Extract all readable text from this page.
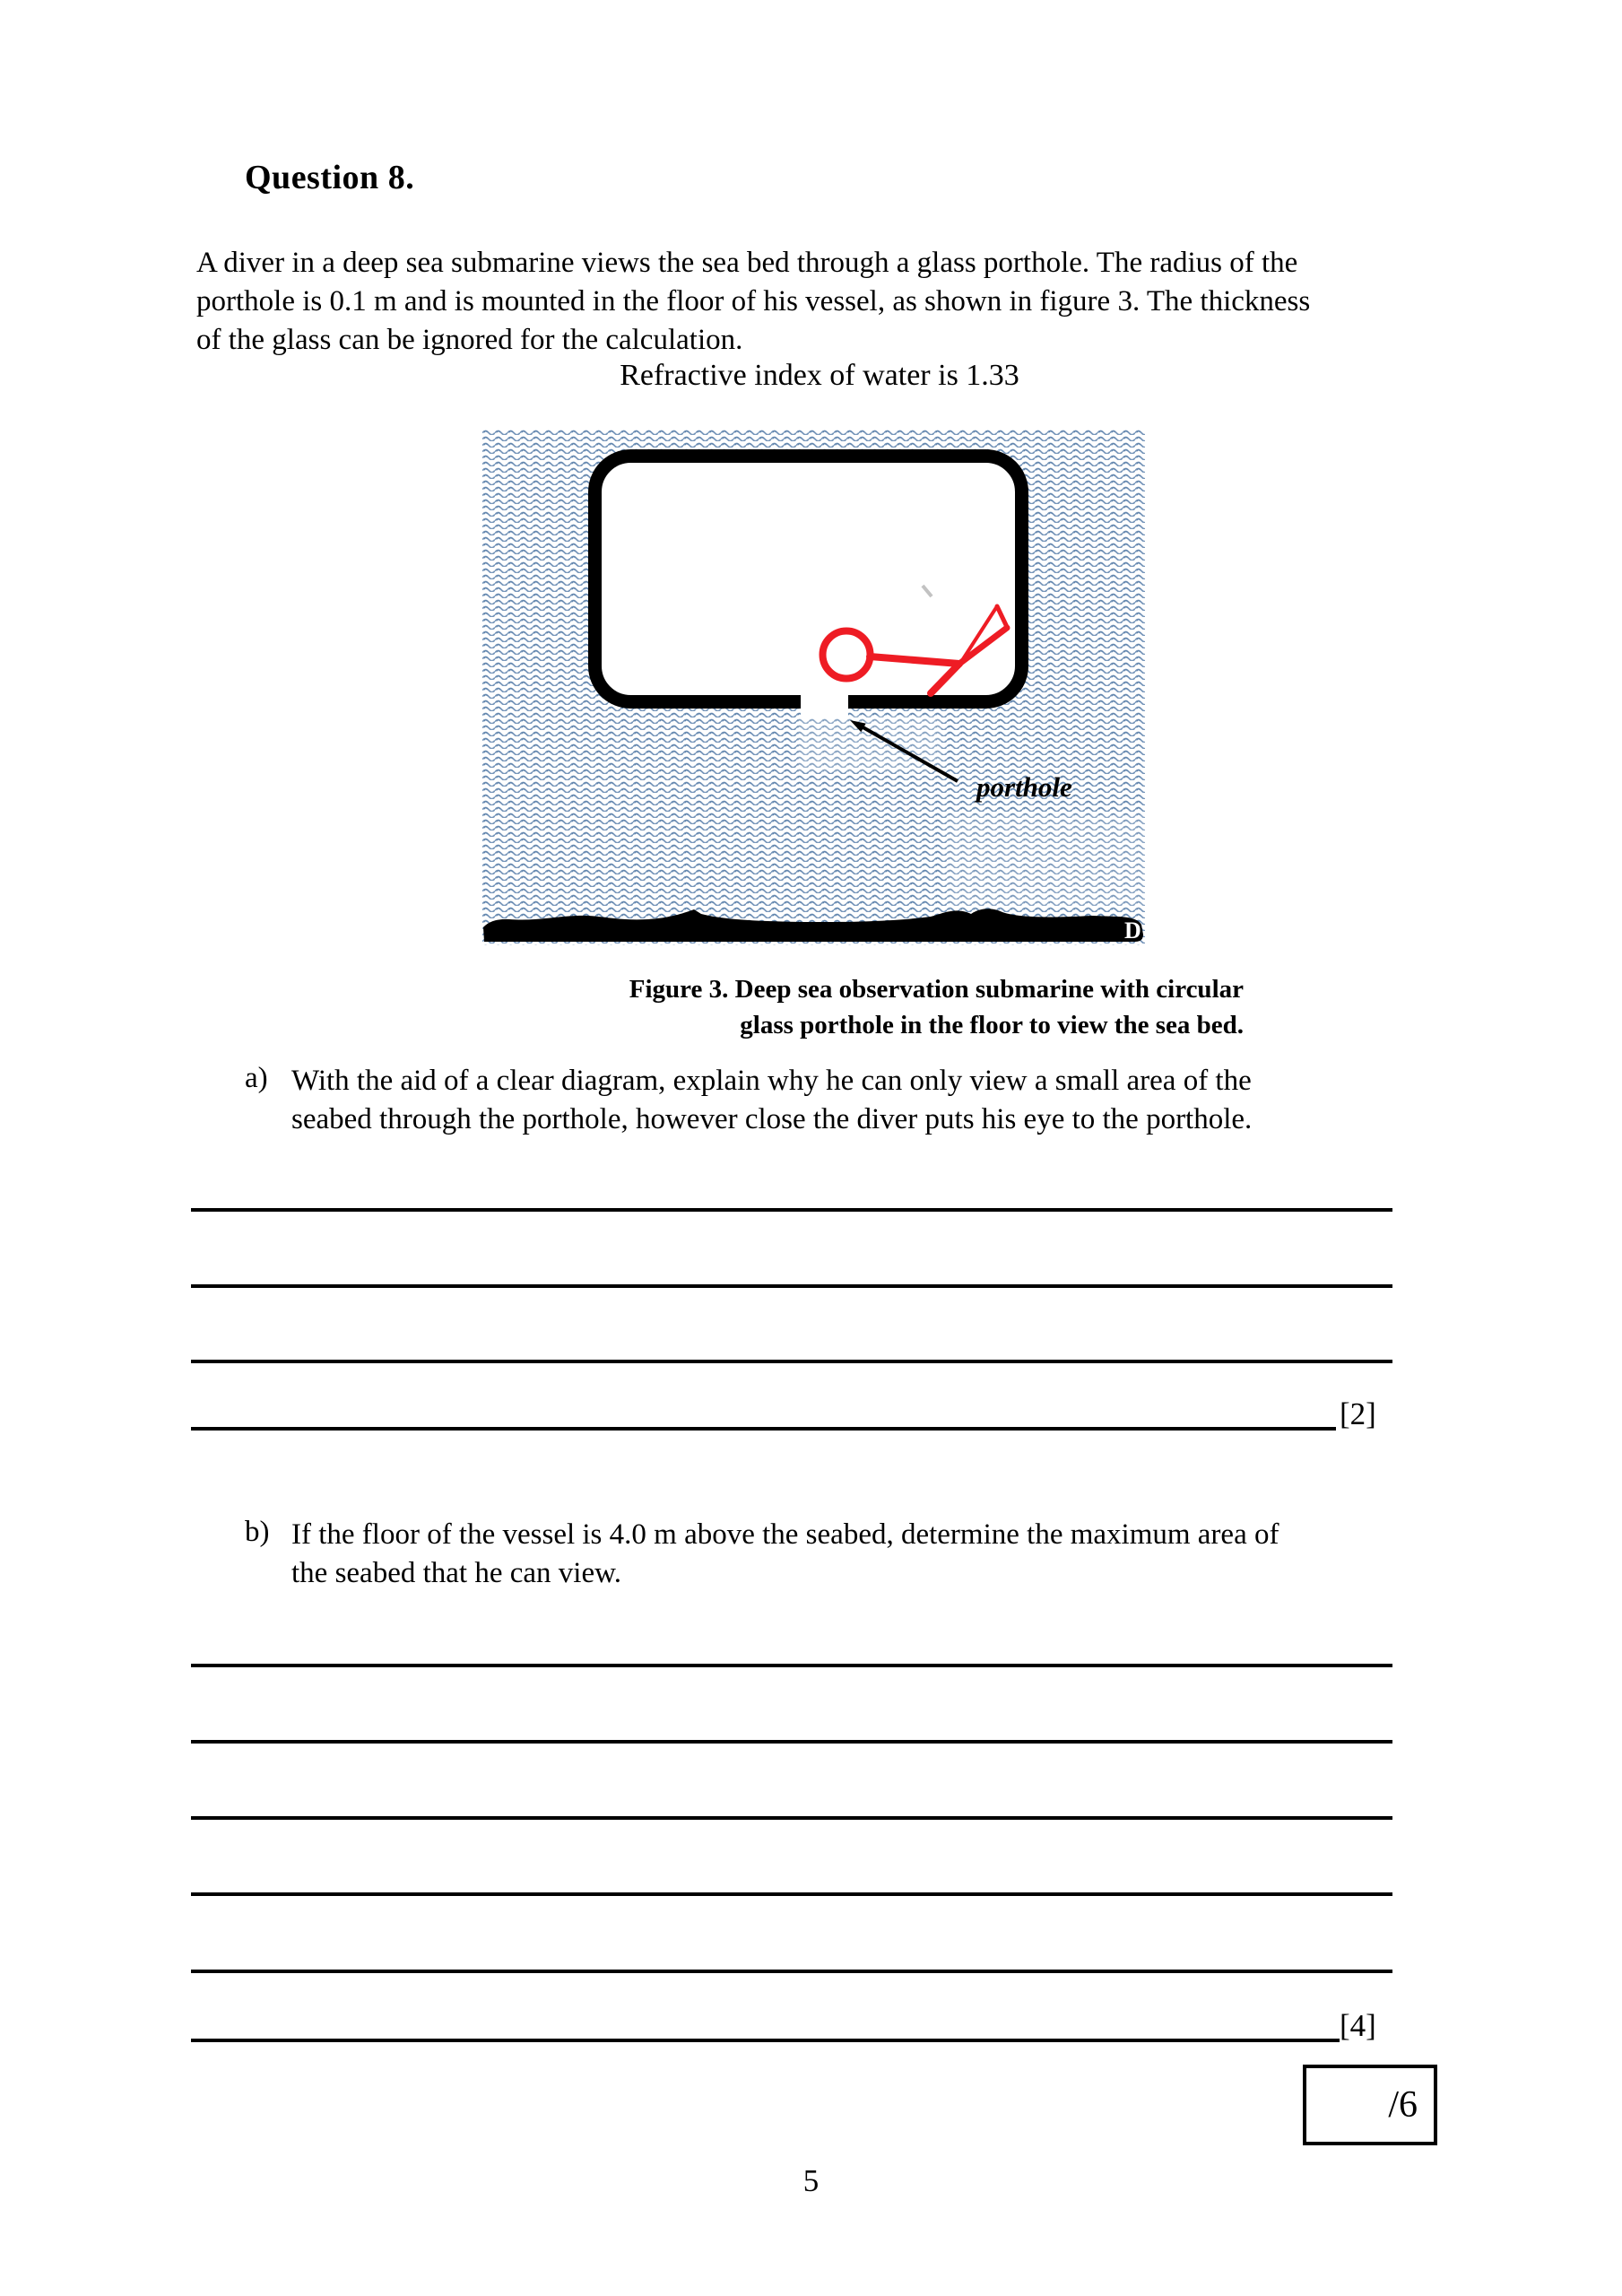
Question 8.
A diver in a deep sea submarine views the sea bed through a glass porthole. The radius of the
porthole is 0.1 m and is mounted in the floor of his vessel, as shown in figure 3. The thickness
of the glass can be ignored for the calculation.
Refractive index of water is 1.33
porthole
D
Figure 3. Deep sea observation submarine with circular
glass porthole in the floor to view the sea bed.
a) With the aid of a clear diagram, explain why he can only view a small area of the
seabed through the porthole, however close the diver puts his eye to the porthole.
[2]
b) If the floor of the vessel is 4.0 m above the seabed, determine the maximum area of
the seabed that he can view.
[4]
/6
5
